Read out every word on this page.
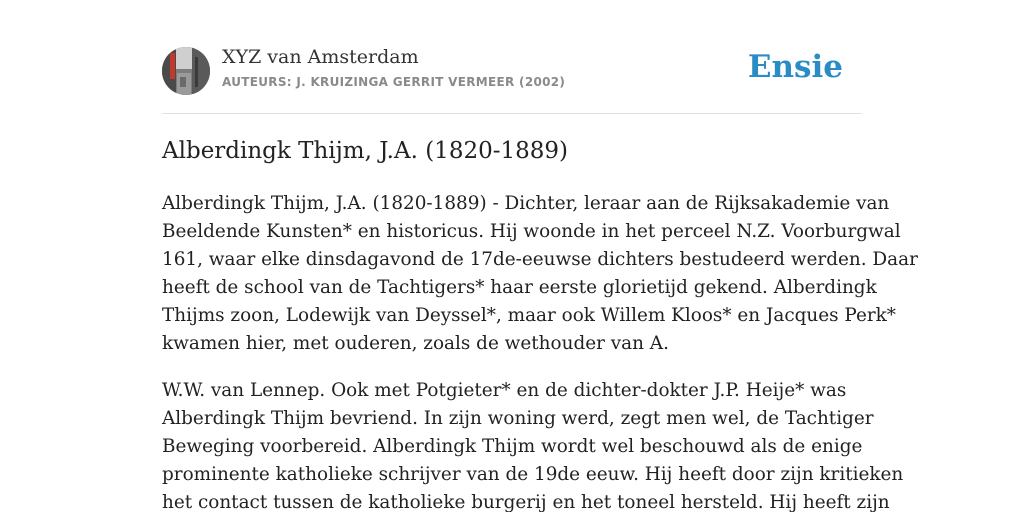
XYZ van Amsterdam
AUTEURS: J. KRUIZINGA GERRIT VERMEER (2002)	Ensie
Alberdingk Thijm, J.A. (1820-1889)

Alberdingk Thijm, J.A. (1820-1889) - Dichter, leraar aan de Rijksakademie van
Beeldende Kunsten* en historicus. Hij woonde in het perceel N.Z. Voorburgwal
161, waar elke dinsdagavond de 17de-eeuwse dichters bestudeerd werden. Daar
heeft de school van de Tachtigers* haar eerste glorietijd gekend. Alberdingk
Thijms zoon, Lodewijk van Deyssel*, maar ook Willem Kloos* en Jacques Perk*
kwamen hier, met ouderen, zoals de wethouder van A.

W.W. van Lennep. Ook met Potgieter* en de dichter-dokter J.P. Heije* was
Alberdingk Thijm bevriend. In zijn woning werd, zegt men wel, de Tachtiger
Beweging voorbereid. Alberdingk Thijm wordt wel beschouwd als de enige
prominente katholieke schrijver van de 19de eeuw. Hij heeft door zijn kritieken
het contact tussen de katholieke burgerij en het toneel hersteld. Hij heeft zijn
